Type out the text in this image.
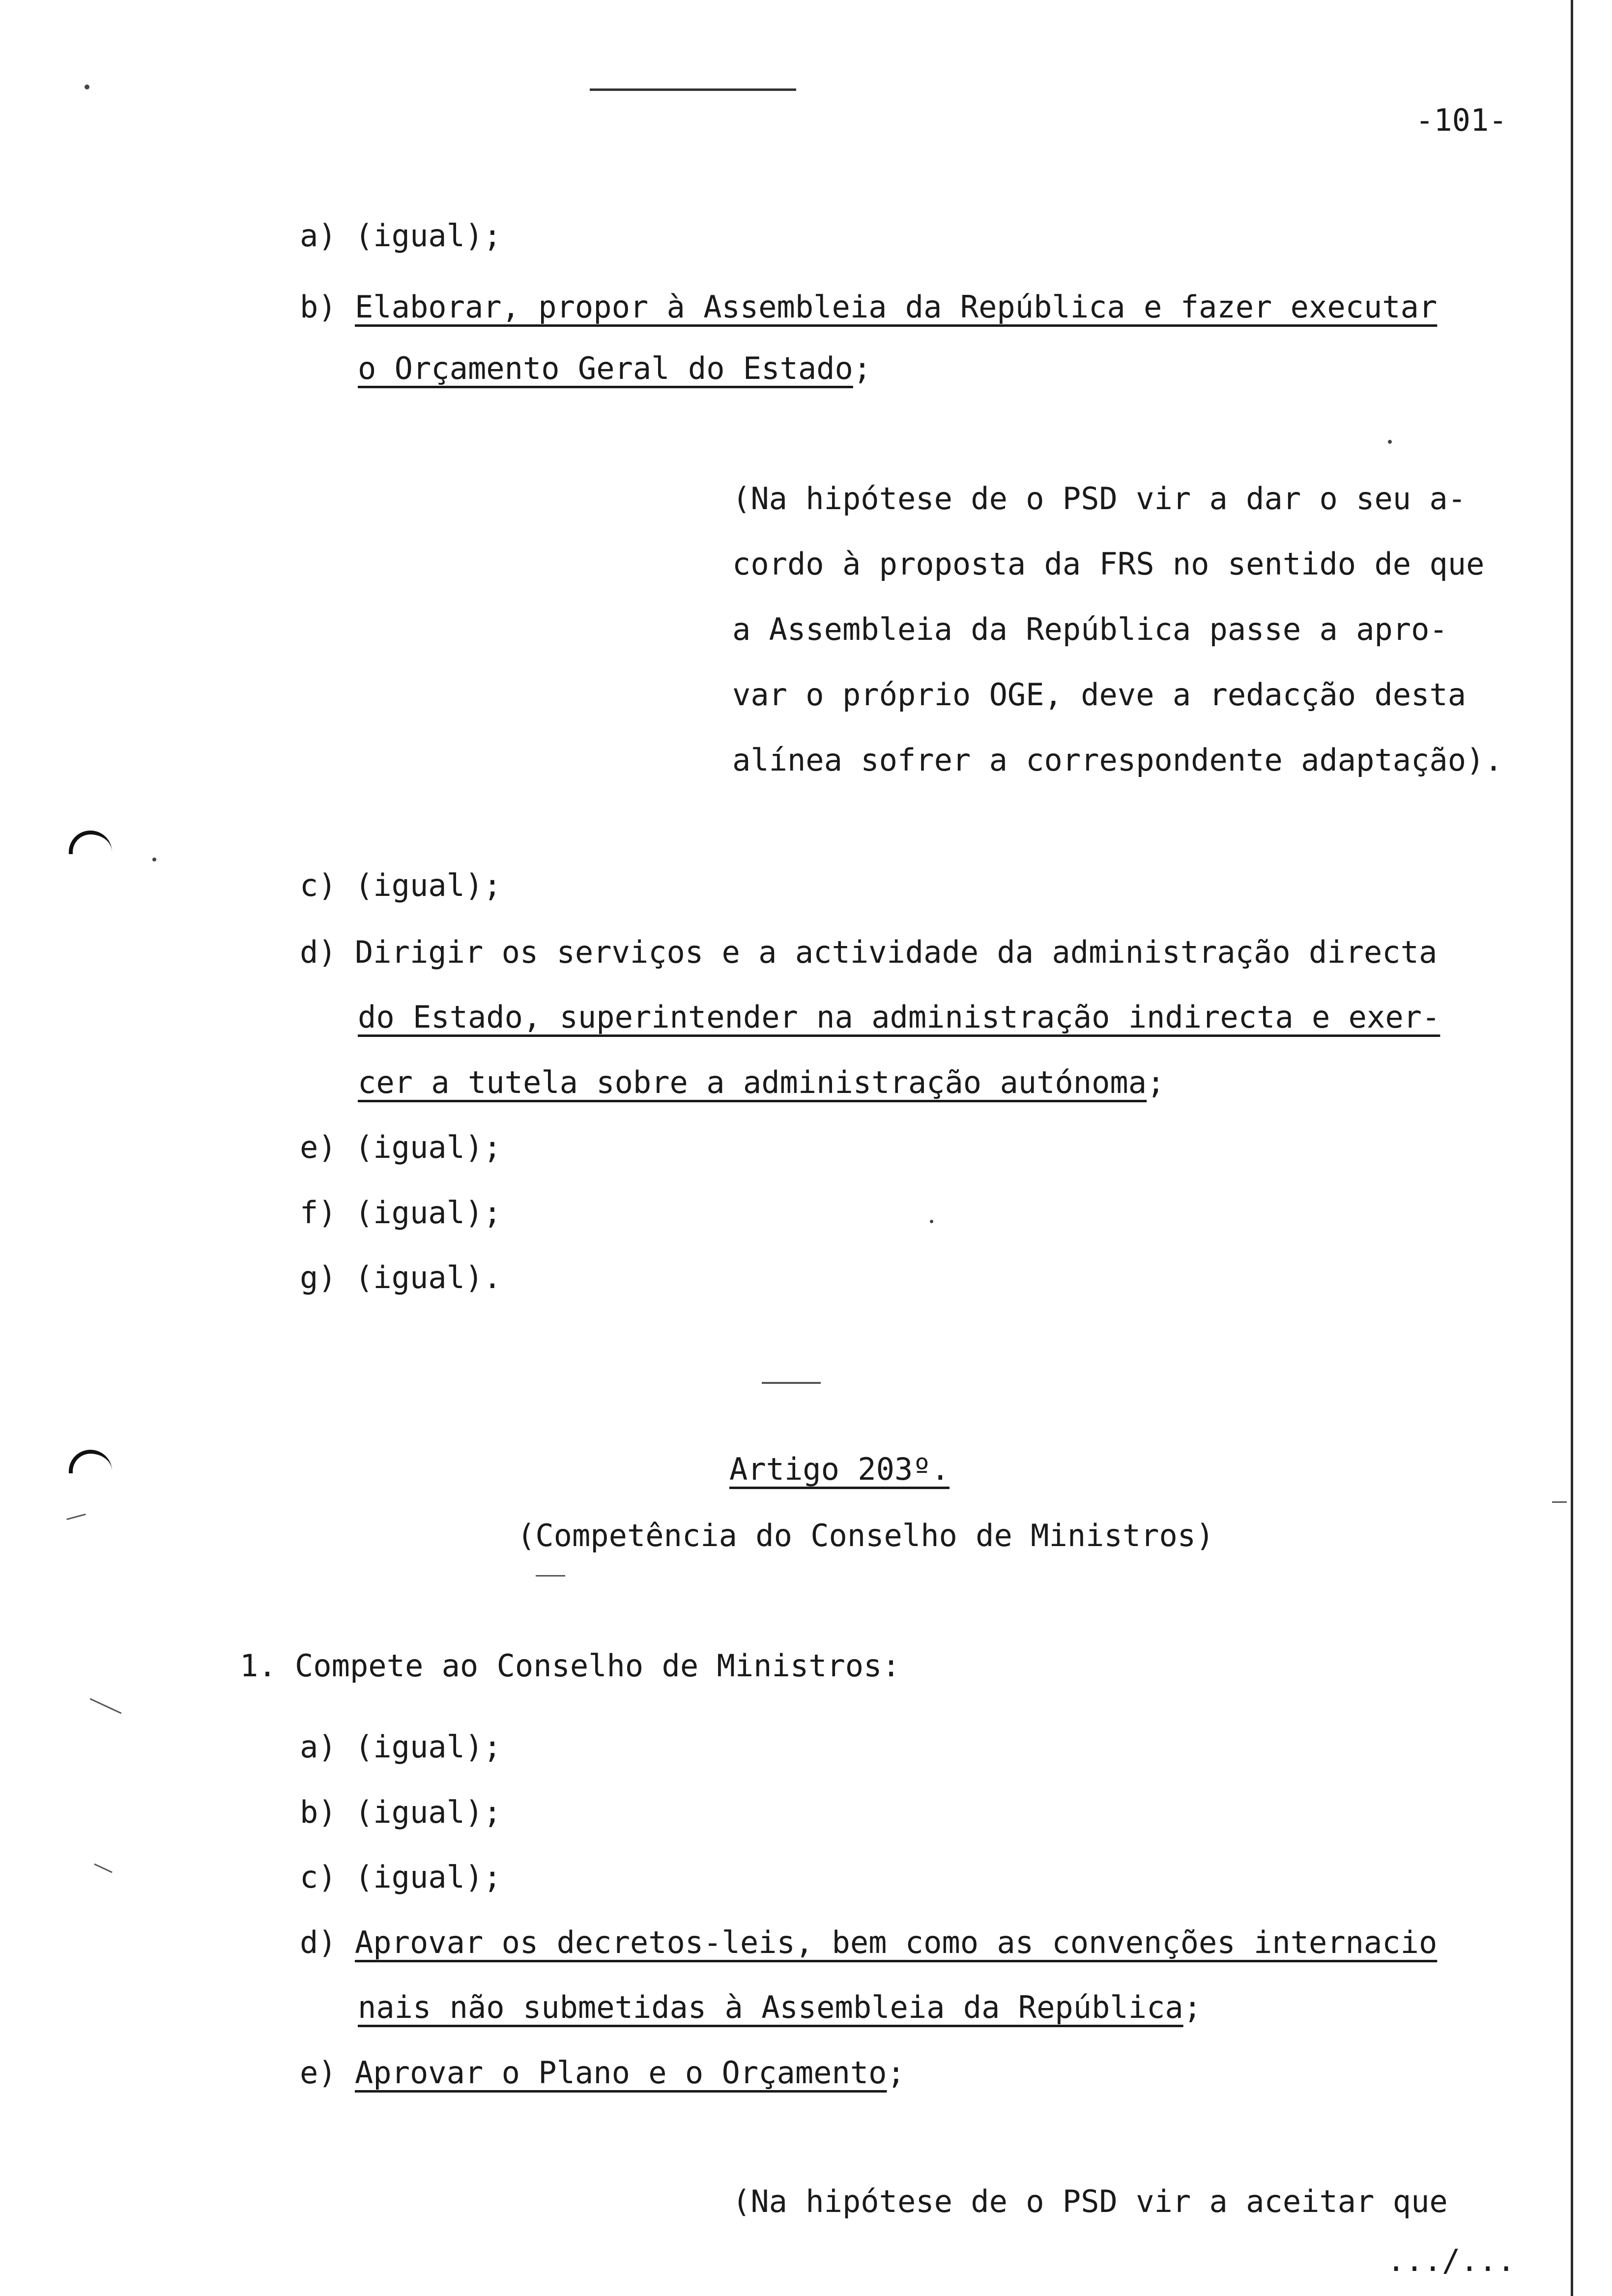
-101-
a) (igual);
b) Elaborar, propor à Assembleia da República e fazer executar
o Orçamento Geral do Estado;
(Na hipótese de o PSD vir a dar o seu a-
cordo à proposta da FRS no sentido de que
a Assembleia da República passe a apro-
var o próprio OGE, deve a redacção desta
alínea sofrer a correspondente adaptação).
c) (igual);
d) Dirigir os serviços e a actividade da administração directa
do Estado, superintender na administração indirecta e exer-
cer a tutela sobre a administração autónoma;
e) (igual);
f) (igual);
g) (igual).
Artigo 203º.
(Competência do Conselho de Ministros)
1. Compete ao Conselho de Ministros:
a) (igual);
b) (igual);
c) (igual);
d) Aprovar os decretos-leis, bem como as convenções internacio
nais não submetidas à Assembleia da República;
e) Aprovar o Plano e o Orçamento;
(Na hipótese de o PSD vir a aceitar que
.../...
